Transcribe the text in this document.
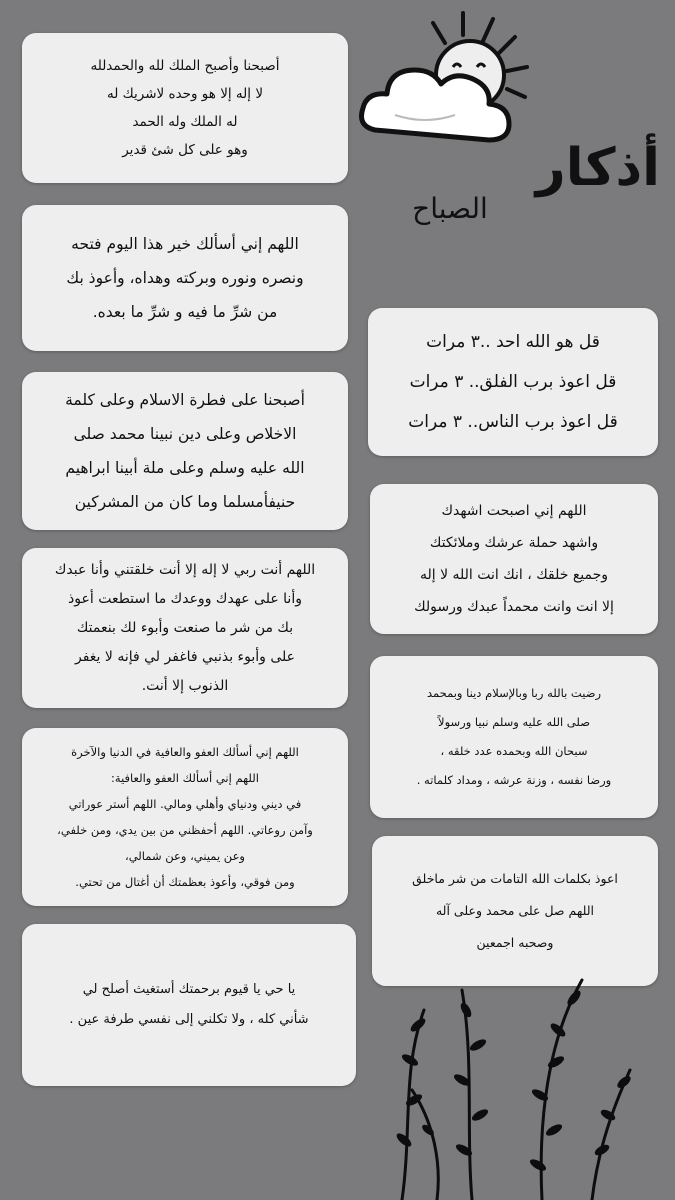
أذكار
الصباح
أصبحنا وأصبح الملك لله والحمدلله
لا إله إلا هو وحده لاشريك له
له الملك وله الحمد
وهو على كل شئ قدير
اللهم إني أسألك خير هذا اليوم فتحه
ونصره ونوره وبركته وهداه، وأعوذ بك
من شرِّ ما فيه و شرِّ ما بعده.
أصبحنا على فطرة الاسلام وعلى كلمة
الاخلاص وعلى دين نبينا محمد صلى
الله عليه وسلم وعلى ملة أبينا ابراهيم
حنيفأمسلما وما كان من المشركين
اللهم أنت ربي لا إله إلا أنت خلقتني وأنا عبدك
وأنا على عهدك ووعدك ما استطعت أعوذ
بك من شر ما صنعت وأبوء لك بنعمتك
على وأبوء بذنبي فاغفر لي فإنه لا يغفر
الذنوب إلا أنت.
اللهم إني أسألك العفو والعافية في الدنيا والآخرة
اللهم إني أسألك العفو والعافية:
في ديني ودنياي وأهلي ومالي. اللهم أستر عوراتي
وآمن روعاتي. اللهم أحفظني من بين يدي، ومن خلفي،
وعن يميني، وعن شمالي،
ومن فوقي، وأعوذ بعظمتك أن أغتال من تحتي.
يا حي يا قيوم برحمتك أستغيث أصلح لي
شأني كله ، ولا تكلني إلى نفسي طرفة عين .
قل هو الله احد ..٣ مرات
قل اعوذ برب الفلق.. ٣ مرات
قل اعوذ برب الناس.. ٣ مرات
اللهم إني اصبحت اشهدك
واشهد حملة عرشك وملائكتك
وجميع خلقك ، انك انت الله لا إله
إلا انت وانت محمداً عبدك ورسولك
رضيت بالله ربا وبالإسلام دينا وبمحمد
صلى الله عليه وسلم نبيا ورسولاً
سبحان الله وبحمده عدد خلقه ،
ورضا نفسه ، وزنة عرشه ، ومداد كلماته .
اعوذ بكلمات الله التامات من شر ماخلق
اللهم صل على محمد وعلى آله
وصحبه اجمعين
